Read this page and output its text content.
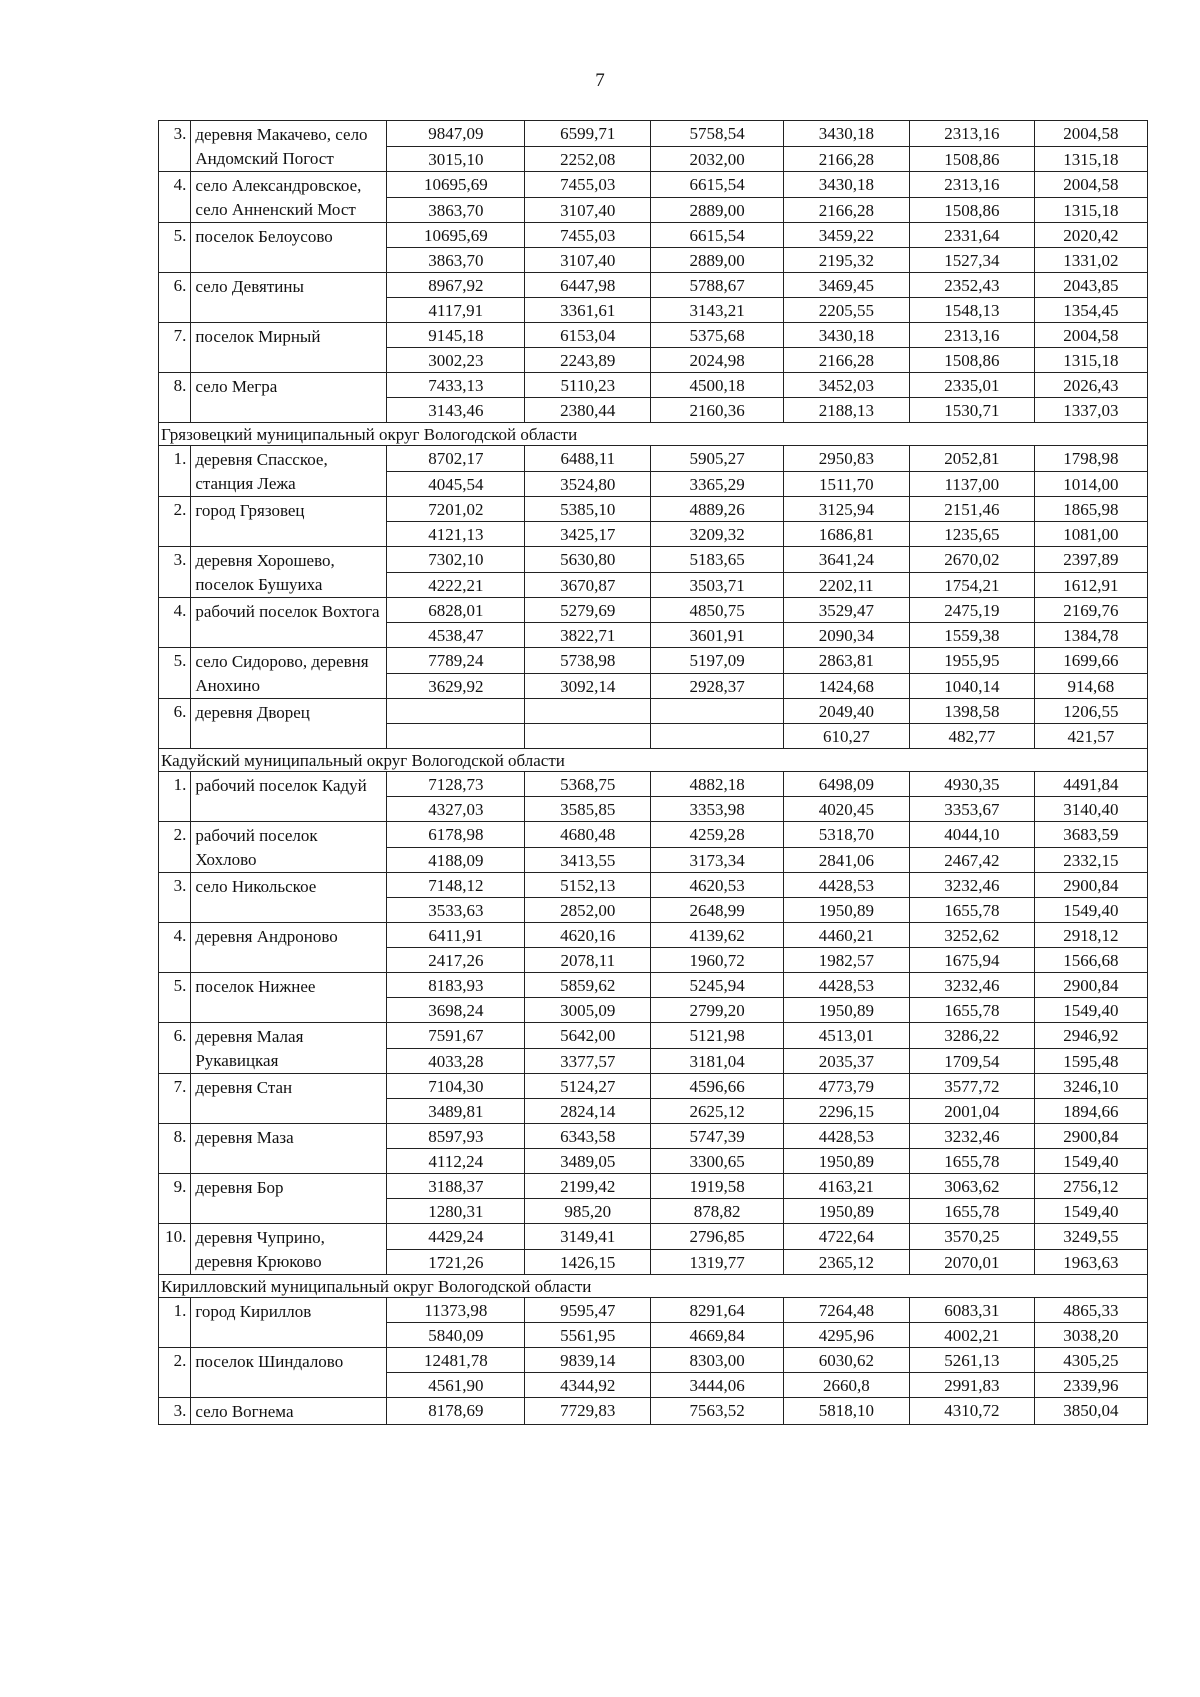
7
3.	деревня Макачево, село Андомский Погост	9847,09	6599,71	5758,54	3430,18	2313,16	2004,58
		3015,10	2252,08	2032,00	2166,28	1508,86	1315,18
4.	село Александровское, село Анненский Мост	10695,69	7455,03	6615,54	3430,18	2313,16	2004,58
		3863,70	3107,40	2889,00	2166,28	1508,86	1315,18
5.	поселок Белоусово	10695,69	7455,03	6615,54	3459,22	2331,64	2020,42
		3863,70	3107,40	2889,00	2195,32	1527,34	1331,02
6.	село Девятины	8967,92	6447,98	5788,67	3469,45	2352,43	2043,85
		4117,91	3361,61	3143,21	2205,55	1548,13	1354,45
7.	поселок Мирный	9145,18	6153,04	5375,68	3430,18	2313,16	2004,58
		3002,23	2243,89	2024,98	2166,28	1508,86	1315,18
8.	село Мегра	7433,13	5110,23	4500,18	3452,03	2335,01	2026,43
		3143,46	2380,44	2160,36	2188,13	1530,71	1337,03
Грязовецкий муниципальный округ Вологодской области							
1.	деревня Спасское, станция Лежа	8702,17	6488,11	5905,27	2950,83	2052,81	1798,98
		4045,54	3524,80	3365,29	1511,70	1137,00	1014,00
2.	город Грязовец	7201,02	5385,10	4889,26	3125,94	2151,46	1865,98
		4121,13	3425,17	3209,32	1686,81	1235,65	1081,00
3.	деревня Хорошево, поселок Бушуиха	7302,10	5630,80	5183,65	3641,24	2670,02	2397,89
		4222,21	3670,87	3503,71	2202,11	1754,21	1612,91
4.	рабочий поселок Вохтога	6828,01	5279,69	4850,75	3529,47	2475,19	2169,76
		4538,47	3822,71	3601,91	2090,34	1559,38	1384,78
5.	село Сидорово, деревня Анохино	7789,24	5738,98	5197,09	2863,81	1955,95	1699,66
		3629,92	3092,14	2928,37	1424,68	1040,14	914,68
6.	деревня Дворец				2049,40	1398,58	1206,55
					610,27	482,77	421,57
Кадуйский муниципальный округ Вологодской области							
1.	рабочий поселок Кадуй	7128,73	5368,75	4882,18	6498,09	4930,35	4491,84
		4327,03	3585,85	3353,98	4020,45	3353,67	3140,40
2.	рабочий поселок Хохлово	6178,98	4680,48	4259,28	5318,70	4044,10	3683,59
		4188,09	3413,55	3173,34	2841,06	2467,42	2332,15
3.	село Никольское	7148,12	5152,13	4620,53	4428,53	3232,46	2900,84
		3533,63	2852,00	2648,99	1950,89	1655,78	1549,40
4.	деревня Андроново	6411,91	4620,16	4139,62	4460,21	3252,62	2918,12
		2417,26	2078,11	1960,72	1982,57	1675,94	1566,68
5.	поселок Нижнее	8183,93	5859,62	5245,94	4428,53	3232,46	2900,84
		3698,24	3005,09	2799,20	1950,89	1655,78	1549,40
6.	деревня Малая Рукавицкая	7591,67	5642,00	5121,98	4513,01	3286,22	2946,92
		4033,28	3377,57	3181,04	2035,37	1709,54	1595,48
7.	деревня Стан	7104,30	5124,27	4596,66	4773,79	3577,72	3246,10
		3489,81	2824,14	2625,12	2296,15	2001,04	1894,66
8.	деревня Маза	8597,93	6343,58	5747,39	4428,53	3232,46	2900,84
		4112,24	3489,05	3300,65	1950,89	1655,78	1549,40
9.	деревня Бор	3188,37	2199,42	1919,58	4163,21	3063,62	2756,12
		1280,31	985,20	878,82	1950,89	1655,78	1549,40
10.	деревня Чуприно, деревня Крюково	4429,24	3149,41	2796,85	4722,64	3570,25	3249,55
		1721,26	1426,15	1319,77	2365,12	2070,01	1963,63
Кирилловский муниципальный округ Вологодской области							
1.	город Кириллов	11373,98	9595,47	8291,64	7264,48	6083,31	4865,33
		5840,09	5561,95	4669,84	4295,96	4002,21	3038,20
2.	поселок Шиндалово	12481,78	9839,14	8303,00	6030,62	5261,13	4305,25
		4561,90	4344,92	3444,06	2660,8	2991,83	2339,96
3.	село Вогнема	8178,69	7729,83	7563,52	5818,10	4310,72	3850,04
